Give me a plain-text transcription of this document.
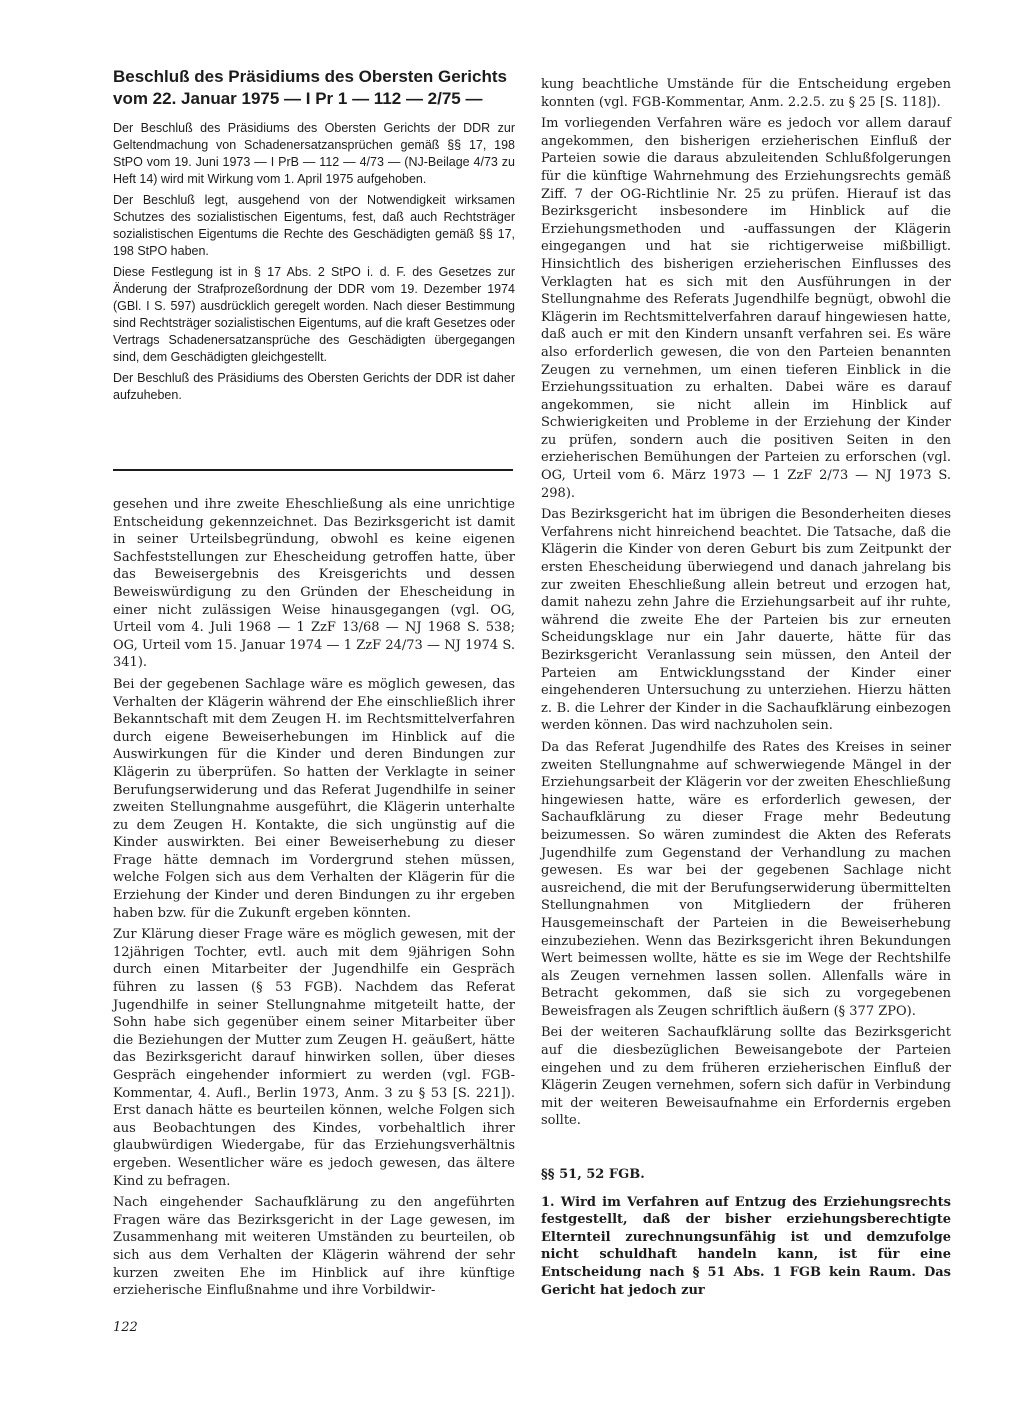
Beschluß des Präsidiums des Obersten Gerichts
vom 22. Januar 1975 — I Pr 1 — 112 — 2/75 —

Der Beschluß des Präsidiums des Obersten Gerichts der DDR zur Geltendmachung von Schadenersatzansprüchen gemäß §§ 17, 198 StPO vom 19. Juni 1973 — I PrB — 112 — 4/73 — (NJ-Beilage 4/73 zu Heft 14) wird mit Wirkung vom 1. April 1975 aufgehoben.

Der Beschluß legt, ausgehend von der Notwendigkeit wirksamen Schutzes des sozialistischen Eigentums, fest, daß auch Rechtsträger sozialistischen Eigentums die Rechte des Geschädigten gemäß §§ 17, 198 StPO haben.

Diese Festlegung ist in § 17 Abs. 2 StPO i. d. F. des Gesetzes zur Änderung der Strafprozeßordnung der DDR vom 19. Dezember 1974 (GBl. I S. 597) ausdrücklich geregelt worden. Nach dieser Bestimmung sind Rechtsträger sozialistischen Eigentums, auf die kraft Gesetzes oder Vertrags Schadenersatzansprüche des Geschädigten übergegangen sind, dem Geschädigten gleichgestellt.

Der Beschluß des Präsidiums des Obersten Gerichts der DDR ist daher aufzuheben.

gesehen und ihre zweite Eheschließung als eine unrichtige Entscheidung gekennzeichnet. Das Bezirksgericht ist damit in seiner Urteilsbegründung, obwohl es keine eigenen Sachfeststellungen zur Ehescheidung getroffen hatte, über das Beweisergebnis des Kreisgerichts und dessen Beweiswürdigung zu den Gründen der Ehescheidung in einer nicht zulässigen Weise hinausgegangen (vgl. OG, Urteil vom 4. Juli 1968 — 1 ZzF 13/68 — NJ 1968 S. 538; OG, Urteil vom 15. Januar 1974 — 1 ZzF 24/73 — NJ 1974 S. 341).

Bei der gegebenen Sachlage wäre es möglich gewesen, das Verhalten der Klägerin während der Ehe einschließlich ihrer Bekanntschaft mit dem Zeugen H. im Rechtsmittelverfahren durch eigene Beweiserhebungen im Hinblick auf die Auswirkungen für die Kinder und deren Bindungen zur Klägerin zu überprüfen. So hatten der Verklagte in seiner Berufungserwiderung und das Referat Jugendhilfe in seiner zweiten Stellungnahme ausgeführt, die Klägerin unterhalte zu dem Zeugen H. Kontakte, die sich ungünstig auf die Kinder auswirkten. Bei einer Beweiserhebung zu dieser Frage hätte demnach im Vordergrund stehen müssen, welche Folgen sich aus dem Verhalten der Klägerin für die Erziehung der Kinder und deren Bindungen zu ihr ergeben haben bzw. für die Zukunft ergeben könnten.

Zur Klärung dieser Frage wäre es möglich gewesen, mit der 12jährigen Tochter, evtl. auch mit dem 9jährigen Sohn durch einen Mitarbeiter der Jugendhilfe ein Gespräch führen zu lassen (§ 53 FGB). Nachdem das Referat Jugendhilfe in seiner Stellungnahme mitgeteilt hatte, der Sohn habe sich gegenüber einem seiner Mitarbeiter über die Beziehungen der Mutter zum Zeugen H. geäußert, hätte das Bezirksgericht darauf hinwirken sollen, über dieses Gespräch eingehender informiert zu werden (vgl. FGB-Kommentar, 4. Aufl., Berlin 1973, Anm. 3 zu § 53 [S. 221]). Erst danach hätte es beurteilen können, welche Folgen sich aus Beobachtungen des Kindes, vorbehaltlich ihrer glaubwürdigen Wiedergabe, für das Erziehungsverhältnis ergeben. Wesentlicher wäre es jedoch gewesen, das ältere Kind zu befragen.

Nach eingehender Sachaufklärung zu den angeführten Fragen wäre das Bezirksgericht in der Lage gewesen, im Zusammenhang mit weiteren Umständen zu beurteilen, ob sich aus dem Verhalten der Klägerin während der sehr kurzen zweiten Ehe im Hinblick auf ihre künftige erzieherische Einflußnahme und ihre Vorbildwir-

kung beachtliche Umstände für die Entscheidung ergeben konnten (vgl. FGB-Kommentar, Anm. 2.2.5. zu § 25 [S. 118]).

Im vorliegenden Verfahren wäre es jedoch vor allem darauf angekommen, den bisherigen erzieherischen Einfluß der Parteien sowie die daraus abzuleitenden Schlußfolgerungen für die künftige Wahrnehmung des Erziehungsrechts gemäß Ziff. 7 der OG-Richtlinie Nr. 25 zu prüfen. Hierauf ist das Bezirksgericht insbesondere im Hinblick auf die Erziehungsmethoden und -auffassungen der Klägerin eingegangen und hat sie richtigerweise mißbilligt. Hinsichtlich des bisherigen erzieherischen Einflusses des Verklagten hat es sich mit den Ausführungen in der Stellungnahme des Referats Jugendhilfe begnügt, obwohl die Klägerin im Rechtsmittelverfahren darauf hingewiesen hatte, daß auch er mit den Kindern unsanft verfahren sei. Es wäre also erforderlich gewesen, die von den Parteien benannten Zeugen zu vernehmen, um einen tieferen Einblick in die Erziehungssituation zu erhalten. Dabei wäre es darauf angekommen, sie nicht allein im Hinblick auf Schwierigkeiten und Probleme in der Erziehung der Kinder zu prüfen, sondern auch die positiven Seiten in den erzieherischen Bemühungen der Parteien zu erforschen (vgl. OG, Urteil vom 6. März 1973 — 1 ZzF 2/73 — NJ 1973 S. 298).

Das Bezirksgericht hat im übrigen die Besonderheiten dieses Verfahrens nicht hinreichend beachtet. Die Tatsache, daß die Klägerin die Kinder von deren Geburt bis zum Zeitpunkt der ersten Ehescheidung überwiegend und danach jahrelang bis zur zweiten Eheschließung allein betreut und erzogen hat, damit nahezu zehn Jahre die Erziehungsarbeit auf ihr ruhte, während die zweite Ehe der Parteien bis zur erneuten Scheidungsklage nur ein Jahr dauerte, hätte für das Bezirksgericht Veranlassung sein müssen, den Anteil der Parteien am Entwicklungsstand der Kinder einer eingehenderen Untersuchung zu unterziehen. Hierzu hätten z. B. die Lehrer der Kinder in die Sachaufklärung einbezogen werden können. Das wird nachzuholen sein.

Da das Referat Jugendhilfe des Rates des Kreises in seiner zweiten Stellungnahme auf schwerwiegende Mängel in der Erziehungsarbeit der Klägerin vor der zweiten Eheschließung hingewiesen hatte, wäre es erforderlich gewesen, der Sachaufklärung zu dieser Frage mehr Bedeutung beizumessen. So wären zumindest die Akten des Referats Jugendhilfe zum Gegenstand der Verhandlung zu machen gewesen. Es war bei der gegebenen Sachlage nicht ausreichend, die mit der Berufungserwiderung übermittelten Stellungnahmen von Mitgliedern der früheren Hausgemeinschaft der Parteien in die Beweiserhebung einzubeziehen. Wenn das Bezirksgericht ihren Bekundungen Wert beimessen wollte, hätte es sie im Wege der Rechtshilfe als Zeugen vernehmen lassen sollen. Allenfalls wäre in Betracht gekommen, daß sie sich zu vorgegebenen Beweisfragen als Zeugen schriftlich äußern (§ 377 ZPO).

Bei der weiteren Sachaufklärung sollte das Bezirksgericht auf die diesbezüglichen Beweisangebote der Parteien eingehen und zu dem früheren erzieherischen Einfluß der Klägerin Zeugen vernehmen, sofern sich dafür in Verbindung mit der weiteren Beweisaufnahme ein Erfordernis ergeben sollte.

§§ 51, 52 FGB.

1. Wird im Verfahren auf Entzug des Erziehungsrechts festgestellt, daß der bisher erziehungsberechtigte Elternteil zurechnungsunfähig ist und demzufolge nicht schuldhaft handeln kann, ist für eine Entscheidung nach § 51 Abs. 1 FGB kein Raum. Das Gericht hat jedoch zur

122
